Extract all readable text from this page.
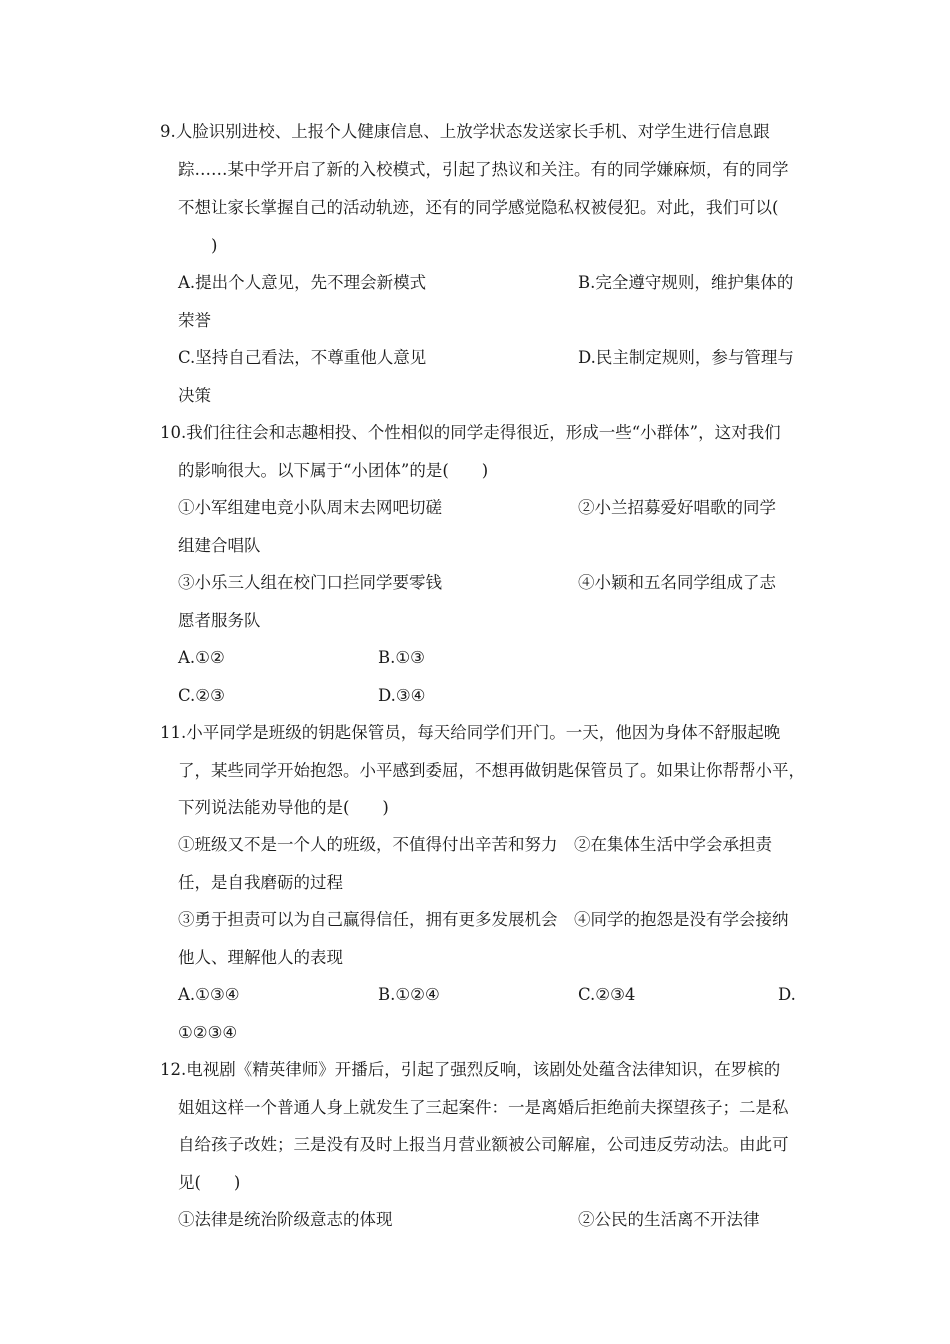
9.人脸识别进校、上报个人健康信息、上放学状态发送家长手机、对学生进行信息跟
踪……某中学开启了新的入校模式，引起了热议和关注。有的同学嫌麻烦，有的同学
不想让家长掌握自己的活动轨迹，还有的同学感觉隐私权被侵犯。对此，我们可以(
　　)
A.提出个人意见，先不理会新模式	B.完全遵守规则，维护集体的
荣誉
C.坚持自己看法，不尊重他人意见	D.民主制定规则，参与管理与
决策
10.我们往往会和志趣相投、个性相似的同学走得很近，形成一些“小群体”，这对我们
的影响很大。以下属于“小团体”的是(　　)
①小军组建电竞小队周末去网吧切磋	②小兰招募爱好唱歌的同学
组建合唱队
③小乐三人组在校门口拦同学要零钱	④小颖和五名同学组成了志
愿者服务队
A.①②	B.①③
C.②③	D.③④
11.小平同学是班级的钥匙保管员，每天给同学们开门。一天，他因为身体不舒服起晚
了，某些同学开始抱怨。小平感到委屈，不想再做钥匙保管员了。如果让你帮帮小平，
下列说法能劝导他的是(　　)
①班级又不是一个人的班级，不值得付出辛苦和努力　②在集体生活中学会承担责
任，是自我磨砺的过程
③勇于担责可以为自己赢得信任，拥有更多发展机会　④同学的抱怨是没有学会接纳
他人、理解他人的表现
A.①③④	B.①②④	C.②③4	D.
①②③④
12.电视剧《精英律师》开播后，引起了强烈反响，该剧处处蕴含法律知识，在罗槟的
姐姐这样一个普通人身上就发生了三起案件：一是离婚后拒绝前夫探望孩子；二是私
自给孩子改姓；三是没有及时上报当月营业额被公司解雇，公司违反劳动法。由此可
见(　　)
①法律是统治阶级意志的体现	②公民的生活离不开法律
